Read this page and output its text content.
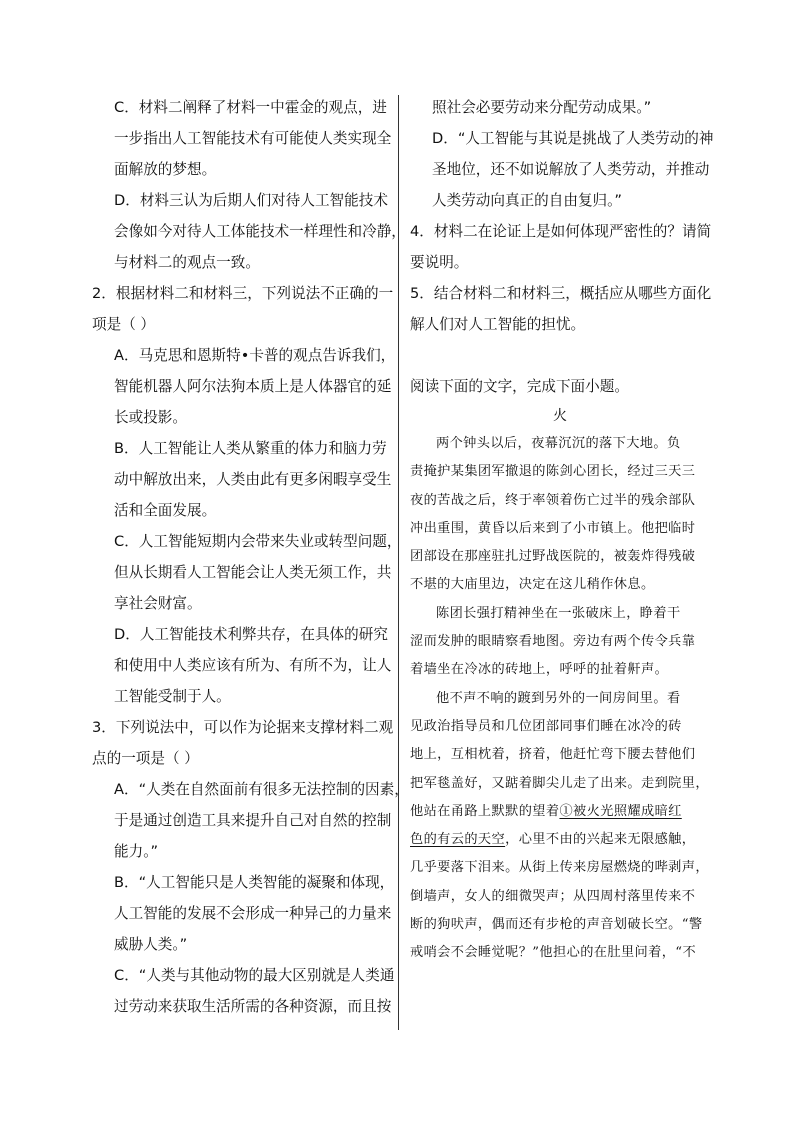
C．材料二阐释了材料一中霍金的观点，进
一步指出人工智能技术有可能使人类实现全
面解放的梦想。
D．材料三认为后期人们对待人工智能技术
会像如今对待人工体能技术一样理性和冷静，
与材料二的观点一致。
2．根据材料二和材料三，下列说法不正确的一
项是（ ）
A．马克思和恩斯特•卡普的观点告诉我们，
智能机器人阿尔法狗本质上是人体器官的延
长或投影。
B．人工智能让人类从繁重的体力和脑力劳
动中解放出来，人类由此有更多闲暇享受生
活和全面发展。
C．人工智能短期内会带来失业或转型问题，
但从长期看人工智能会让人类无须工作，共
享社会财富。
D．人工智能技术利弊共存，在具体的研究
和使用中人类应该有所为、有所不为，让人
工智能受制于人。
3．下列说法中，可以作为论据来支撑材料二观
点的一项是（ ）
A．“人类在自然面前有很多无法控制的因素，
于是通过创造工具来提升自己对自然的控制
能力。”
B．“人工智能只是人类智能的凝聚和体现，
人工智能的发展不会形成一种异己的力量来
威胁人类。”
C．“人类与其他动物的最大区别就是人类通
过劳动来获取生活所需的各种资源，而且按
照社会必要劳动来分配劳动成果。”
D．“人工智能与其说是挑战了人类劳动的神
圣地位，还不如说解放了人类劳动，并推动
人类劳动向真正的自由复归。”
4．材料二在论证上是如何体现严密性的？请简
要说明。
5．结合材料二和材料三，概括应从哪些方面化
解人们对人工智能的担忧。
阅读下面的文字，完成下面小题。
火
两个钟头以后，夜幕沉沉的落下大地。负
责掩护某集团军撤退的陈剑心团长，经过三天三
夜的苦战之后，终于率领着伤亡过半的残余部队
冲出重围，黄昏以后来到了小市镇上。他把临时
团部设在那座驻扎过野战医院的，被轰炸得残破
不堪的大庙里边，决定在这儿稍作休息。
陈团长强打精神坐在一张破床上，睁着干
涩而发肿的眼睛察看地图。旁边有两个传令兵靠
着墙坐在冷冰的砖地上，呼呼的扯着鼾声。
他不声不响的踱到另外的一间房间里。看
见政治指导员和几位团部同事们睡在冰冷的砖
地上，互相枕着，挤着，他赶忙弯下腰去替他们
把军毯盖好，又踮着脚尖儿走了出来。走到院里，
他站在甬路上默默的望着①被火光照耀成暗红
色的有云的天空，心里不由的兴起来无限感触，
几乎要落下泪来。从街上传来房屋燃烧的哔剥声，
倒墙声，女人的细微哭声；从四周村落里传来不
断的狗吠声，偶而还有步枪的声音划破长空。“警
戒哨会不会睡觉呢？”他担心的在肚里问着，“不
